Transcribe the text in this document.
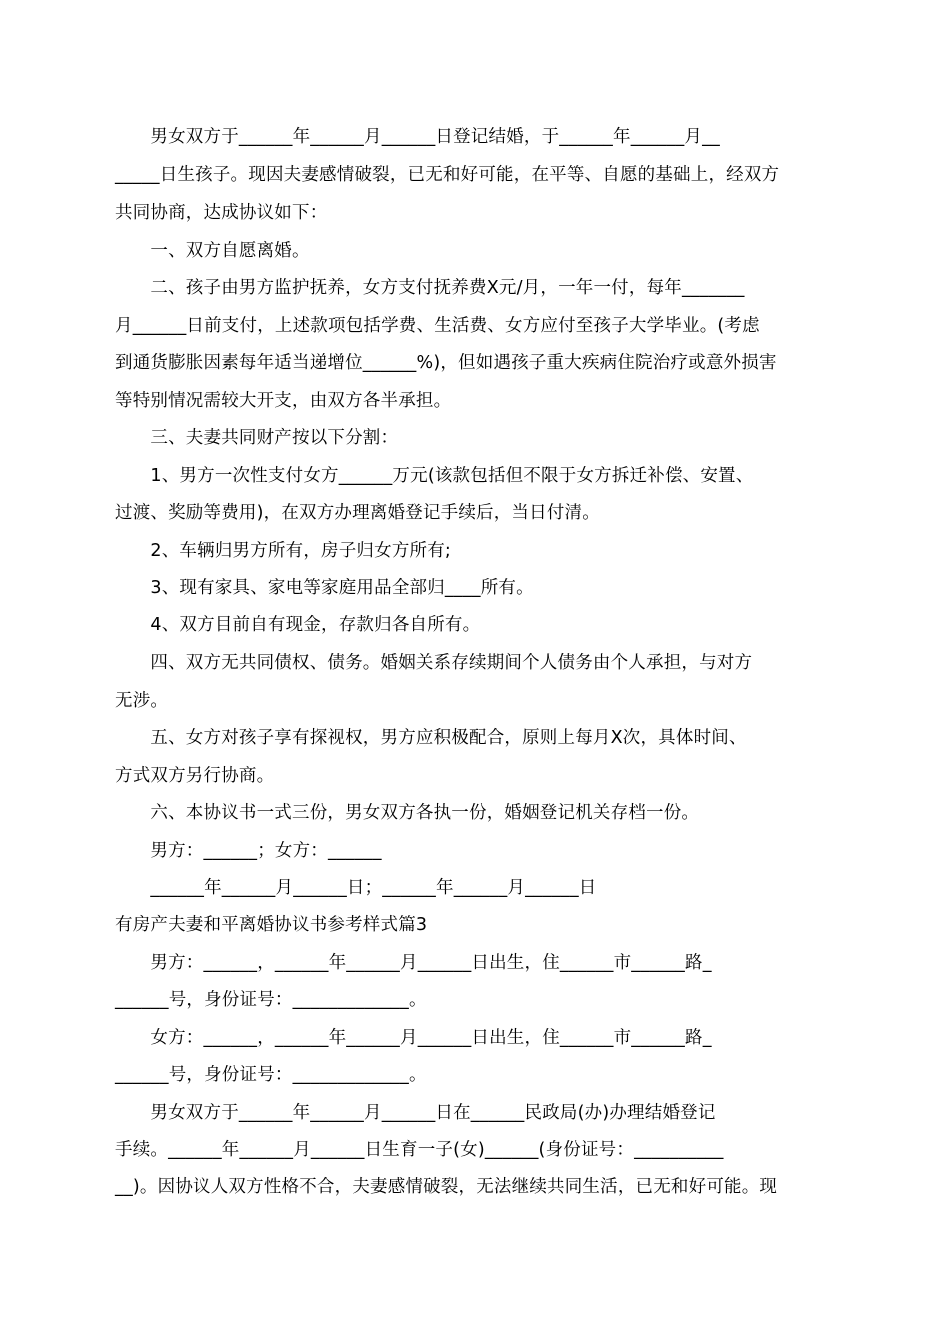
　　男女双方于______年______月______日登记结婚，于______年______月__
_____日生孩子。现因夫妻感情破裂，已无和好可能，在平等、自愿的基础上，经双方
共同协商，达成协议如下：
　　一、双方自愿离婚。
　　二、孩子由男方监护抚养，女方支付抚养费X元/月，一年一付，每年_______
月______日前支付，上述款项包括学费、生活费、女方应付至孩子大学毕业。(考虑
到通货膨胀因素每年适当递增位______%)，但如遇孩子重大疾病住院治疗或意外损害
等特别情况需较大开支，由双方各半承担。
　　三、夫妻共同财产按以下分割：
　　1、男方一次性支付女方______万元(该款包括但不限于女方拆迁补偿、安置、
过渡、奖励等费用)，在双方办理离婚登记手续后，当日付清。
　　2、车辆归男方所有，房子归女方所有;
　　3、现有家具、家电等家庭用品全部归____所有。
　　4、双方目前自有现金，存款归各自所有。
　　四、双方无共同债权、债务。婚姻关系存续期间个人债务由个人承担，与对方
无涉。
　　五、女方对孩子享有探视权，男方应积极配合，原则上每月X次，具体时间、
方式双方另行协商。
　　六、本协议书一式三份，男女双方各执一份，婚姻登记机关存档一份。
　　男方：______；女方：______
　　______年______月______日；______年______月______日
有房产夫妻和平离婚协议书参考样式篇3
　　男方：______，______年______月______日出生，住______市______路_
______号，身份证号：_____________。
　　女方：______，______年______月______日出生，住______市______路_
______号，身份证号：_____________。
　　男女双方于______年______月______日在______民政局(办)办理结婚登记
手续。______年______月______日生育一子(女)______(身份证号：__________
__)。因协议人双方性格不合，夫妻感情破裂，无法继续共同生活，已无和好可能。现
